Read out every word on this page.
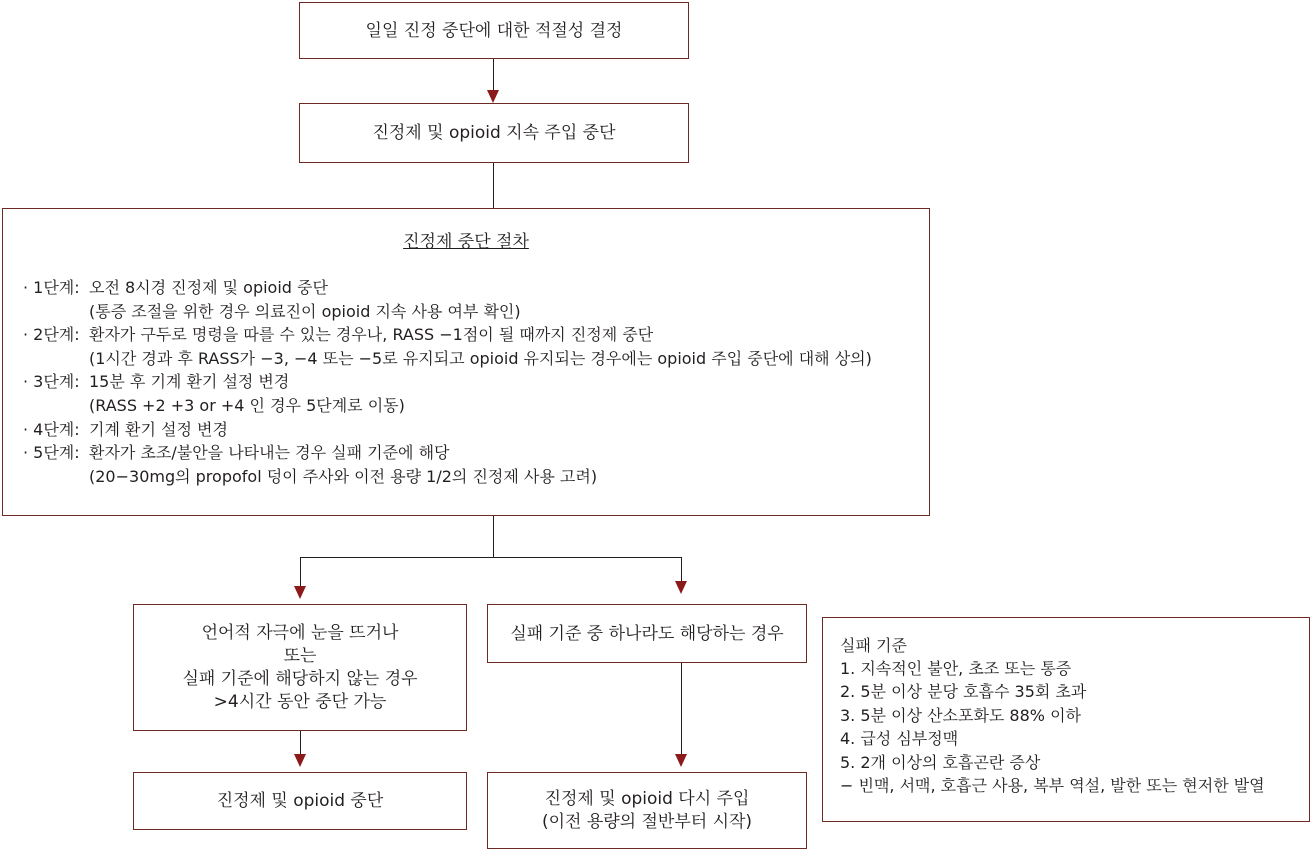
일일 진정 중단에 대한 적절성 결정
진정제 및 opioid 지속 주입 중단
진정제 중단 절차
· 1단계: 오전 8시경 진정제 및 opioid 중단
(통증 조절을 위한 경우 의료진이 opioid 지속 사용 여부 확인)
· 2단계: 환자가 구두로 명령을 따를 수 있는 경우나, RASS −1점이 될 때까지 진정제 중단
(1시간 경과 후 RASS가 −3, −4 또는 −5로 유지되고 opioid 유지되는 경우에는 opioid 주입 중단에 대해 상의)
· 3단계: 15분 후 기계 환기 설정 변경
(RASS +2 +3 or +4 인 경우 5단계로 이동)
· 4단계: 기계 환기 설정 변경
· 5단계: 환자가 초조/불안을 나타내는 경우 실패 기준에 해당
(20−30mg의 propofol 덩이 주사와 이전 용량 1/2의 진정제 사용 고려)
언어적 자극에 눈을 뜨거나
또는
실패 기준에 해당하지 않는 경우
>4시간 동안 중단 가능
실패 기준 중 하나라도 해당하는 경우
진정제 및 opioid 중단	진정제 및 opioid 다시 주입
(이전 용량의 절반부터 시작)
실패 기준
1. 지속적인 불안, 초조 또는 통증
2. 5분 이상 분당 호흡수 35회 초과
3. 5분 이상 산소포화도 88% 이하
4. 급성 심부정맥
5. 2개 이상의 호흡곤란 증상
− 빈맥, 서맥, 호흡근 사용, 복부 역설, 발한 또는 현저한 발열
